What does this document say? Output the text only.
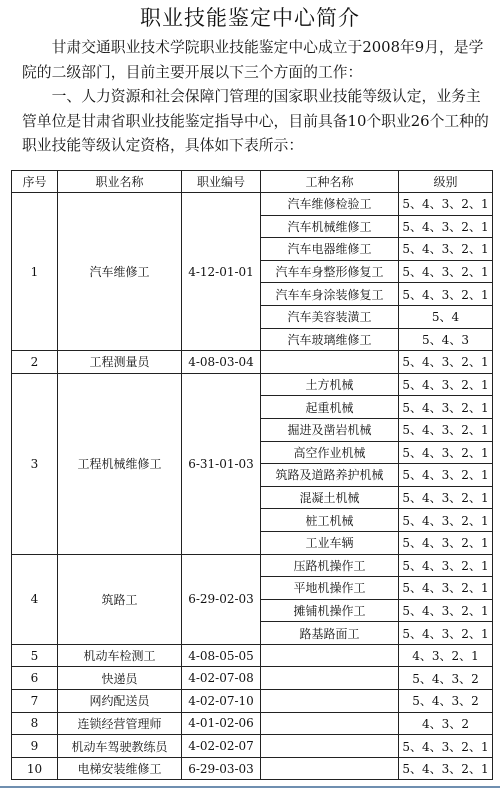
职业技能鉴定中心简介

甘肃交通职业技术学院职业技能鉴定中心成立于2008年9月，是学院的二级部门，目前主要开展以下三个方面的工作：

一、人力资源和社会保障门管理的国家职业技能等级认定，业务主管单位是甘肃省职业技能鉴定指导中心，目前具备10个职业26个工种的职业技能等级认定资格，具体如下表所示：

序号	职业名称	职业编号	工种名称	级别
1	汽车维修工	4-12-01-01	汽车维修检验工	5、4、3、2、1
			汽车机械维修工	5、4、3、2、1
			汽车电器维修工	5、4、3、2、1
			汽车车身整形修复工	5、4、3、2、1
			汽车车身涂装修复工	5、4、3、2、1
			汽车美容装潢工	5、4
			汽车玻璃维修工	5、4、3
2	工程测量员	4-08-03-04		5、4、3、2、1
3	工程机械维修工	6-31-01-03	土方机械	5、4、3、2、1
			起重机械	5、4、3、2、1
			掘进及凿岩机械	5、4、3、2、1
			高空作业机械	5、4、3、2、1
			筑路及道路养护机械	5、4、3、2、1
			混凝土机械	5、4、3、2、1
			桩工机械	5、4、3、2、1
			工业车辆	5、4、3、2、1
4	筑路工	6-29-02-03	压路机操作工	5、4、3、2、1
			平地机操作工	5、4、3、2、1
			摊铺机操作工	5、4、3、2、1
			路基路面工	5、4、3、2、1
5	机动车检测工	4-08-05-05		4、3、2、1
6	快递员	4-02-07-08		5、4、3、2
7	网约配送员	4-02-07-10		5、4、3、2
8	连锁经营管理师	4-01-02-06		4、3、2
9	机动车驾驶教练员	4-02-02-07		5、4、3、2、1
10	电梯安装维修工	6-29-03-03		5、4、3、2、1
